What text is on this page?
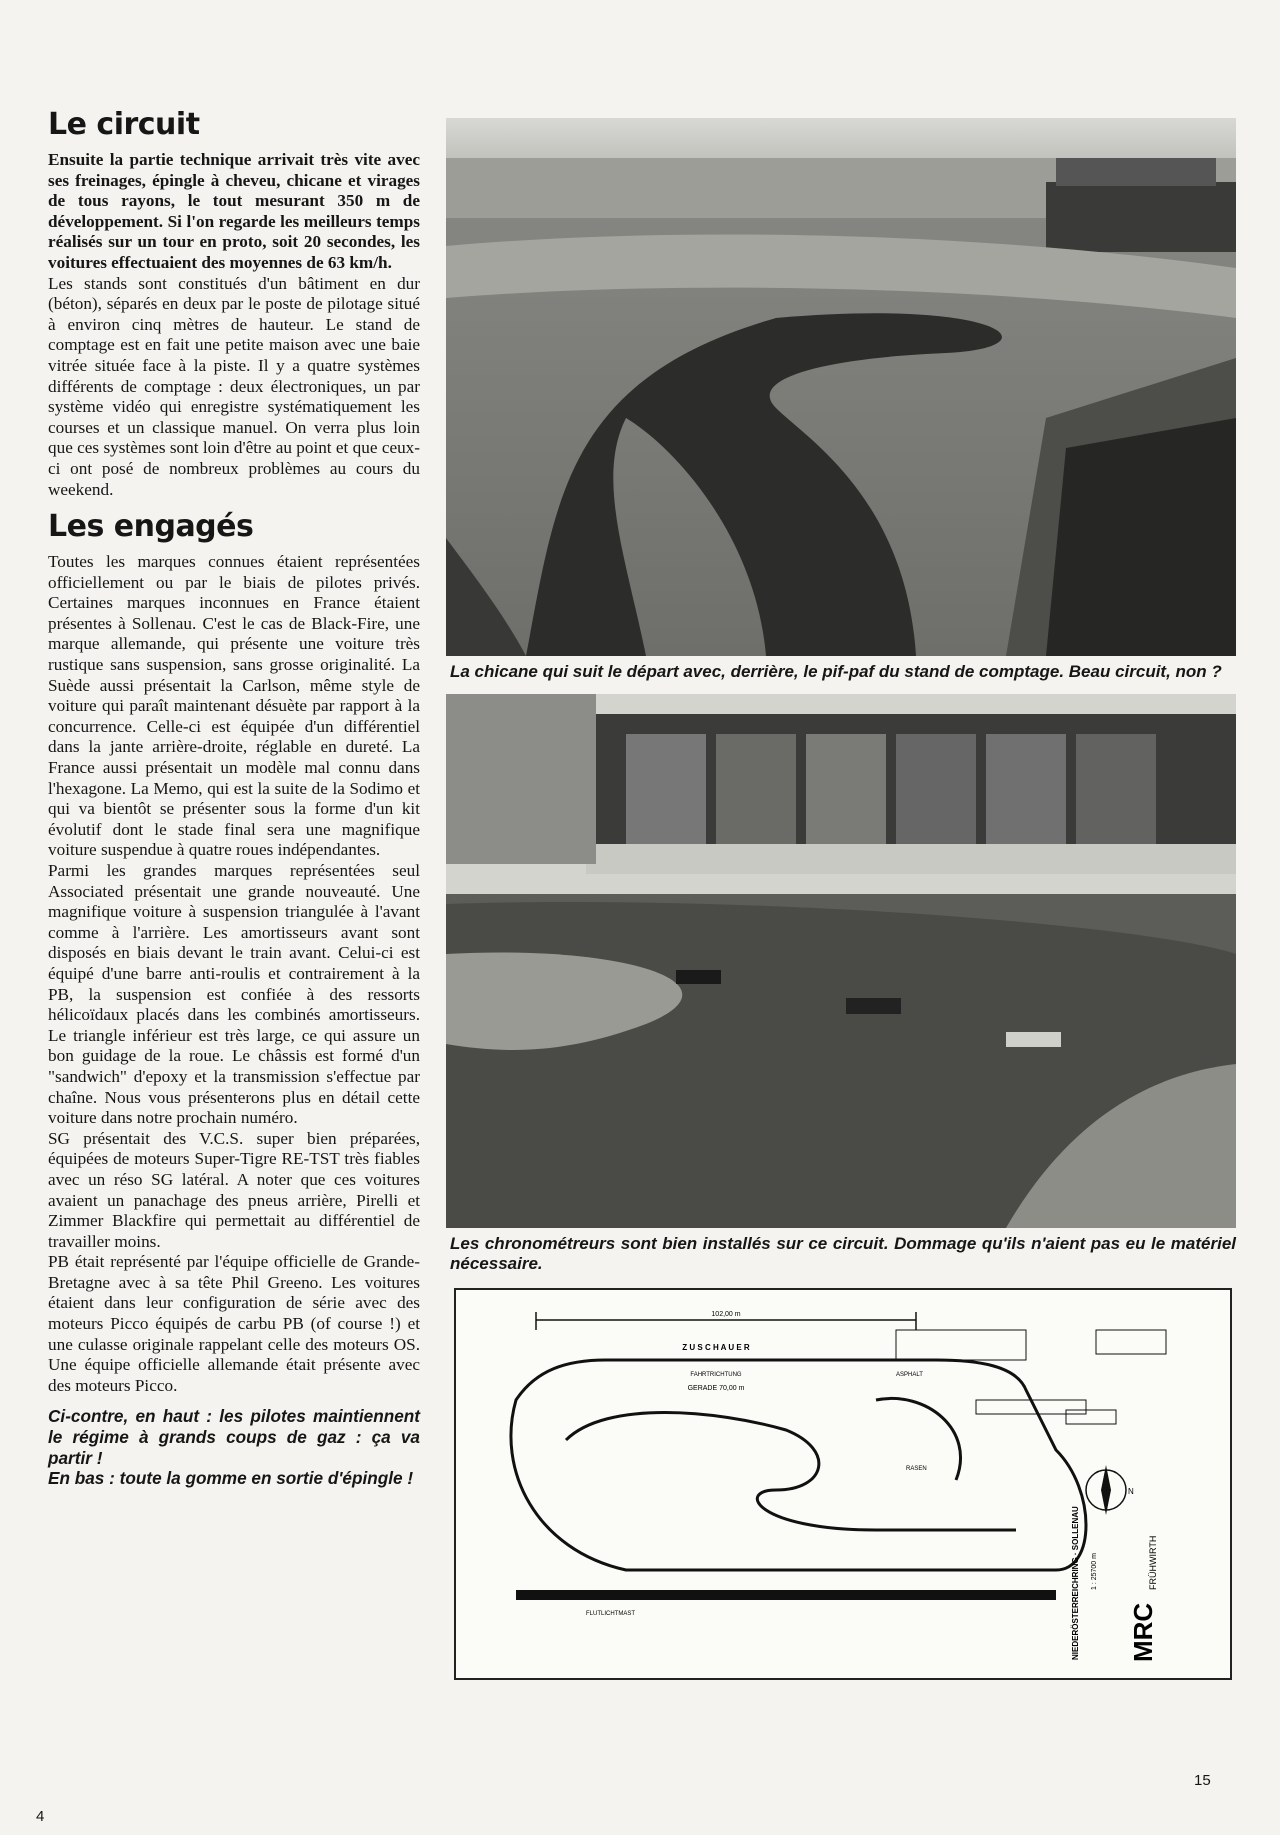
Le circuit

Ensuite la partie technique arrivait très vite avec ses freinages, épingle à cheveu, chicane et virages de tous rayons, le tout mesurant 350 m de développement. Si l'on regarde les meilleurs temps réalisés sur un tour en proto, soit 20 secondes, les voitures effectuaient des moyennes de 63 km/h.

Les stands sont constitués d'un bâtiment en dur (béton), séparés en deux par le poste de pilotage situé à environ cinq mètres de hauteur. Le stand de comptage est en fait une petite maison avec une baie vitrée située face à la piste. Il y a quatre systèmes différents de comptage : deux électroniques, un par système vidéo qui enregistre systématiquement les courses et un classique manuel. On verra plus loin que ces systèmes sont loin d'être au point et que ceux-ci ont posé de nombreux problèmes au cours du weekend.

Les engagés

Toutes les marques connues étaient représentées officiellement ou par le biais de pilotes privés. Certaines marques inconnues en France étaient présentes à Sollenau. C'est le cas de Black-Fire, une marque allemande, qui présente une voiture très rustique sans suspension, sans grosse originalité. La Suède aussi présentait la Carlson, même style de voiture qui paraît maintenant désuète par rapport à la concurrence. Celle-ci est équipée d'un différentiel dans la jante arrière-droite, réglable en dureté. La France aussi présentait un modèle mal connu dans l'hexagone. La Memo, qui est la suite de la Sodimo et qui va bientôt se présenter sous la forme d'un kit évolutif dont le stade final sera une magnifique voiture suspendue à quatre roues indépendantes.

Parmi les grandes marques représentées seul Associated présentait une grande nouveauté. Une magnifique voiture à suspension triangulée à l'avant comme à l'arrière. Les amortisseurs avant sont disposés en biais devant le train avant. Celui-ci est équipé d'une barre anti-roulis et contrairement à la PB, la suspension est confiée à des ressorts hélicoïdaux placés dans les combinés amortisseurs. Le triangle inférieur est très large, ce qui assure un bon guidage de la roue. Le châssis est formé d'un "sandwich" d'epoxy et la transmission s'effectue par chaîne. Nous vous présenterons plus en détail cette voiture dans notre prochain numéro.

SG présentait des V.C.S. super bien préparées, équipées de moteurs Super-Tigre RE-TST très fiables avec un réso SG latéral. A noter que ces voitures avaient un panachage des pneus arrière, Pirelli et Zimmer Blackfire qui permettait au différentiel de travailler moins.

PB était représenté par l'équipe officielle de Grande-Bretagne avec à sa tête Phil Greeno. Les voitures étaient dans leur configuration de série avec des moteurs Picco équipés de carbu PB (of course !) et une culasse originale rappelant celle des moteurs OS. Une équipe officielle allemande était présente avec des moteurs Picco.

Ci-contre, en haut : les pilotes maintiennent le régime à grands coups de gaz : ça va partir !

En bas : toute la gomme en sortie d'épingle !

La chicane qui suit le départ avec, derrière, le pif-paf du stand de comptage. Beau circuit, non ?

Les chronométreurs sont bien installés sur ce circuit. Dommage qu'ils n'aient pas eu le matériel nécessaire.

102,00 m
Z U S C H A U E R
GERADE 70,00 m
FAHRTRICHTUNG	ASPHALT
RASEN
FLUTLICHTMAST
N
NIEDERÖSTERREICHRING · SOLLENAU 1 : 25700 m
MRC
FRÜHWIRTH
4
15
